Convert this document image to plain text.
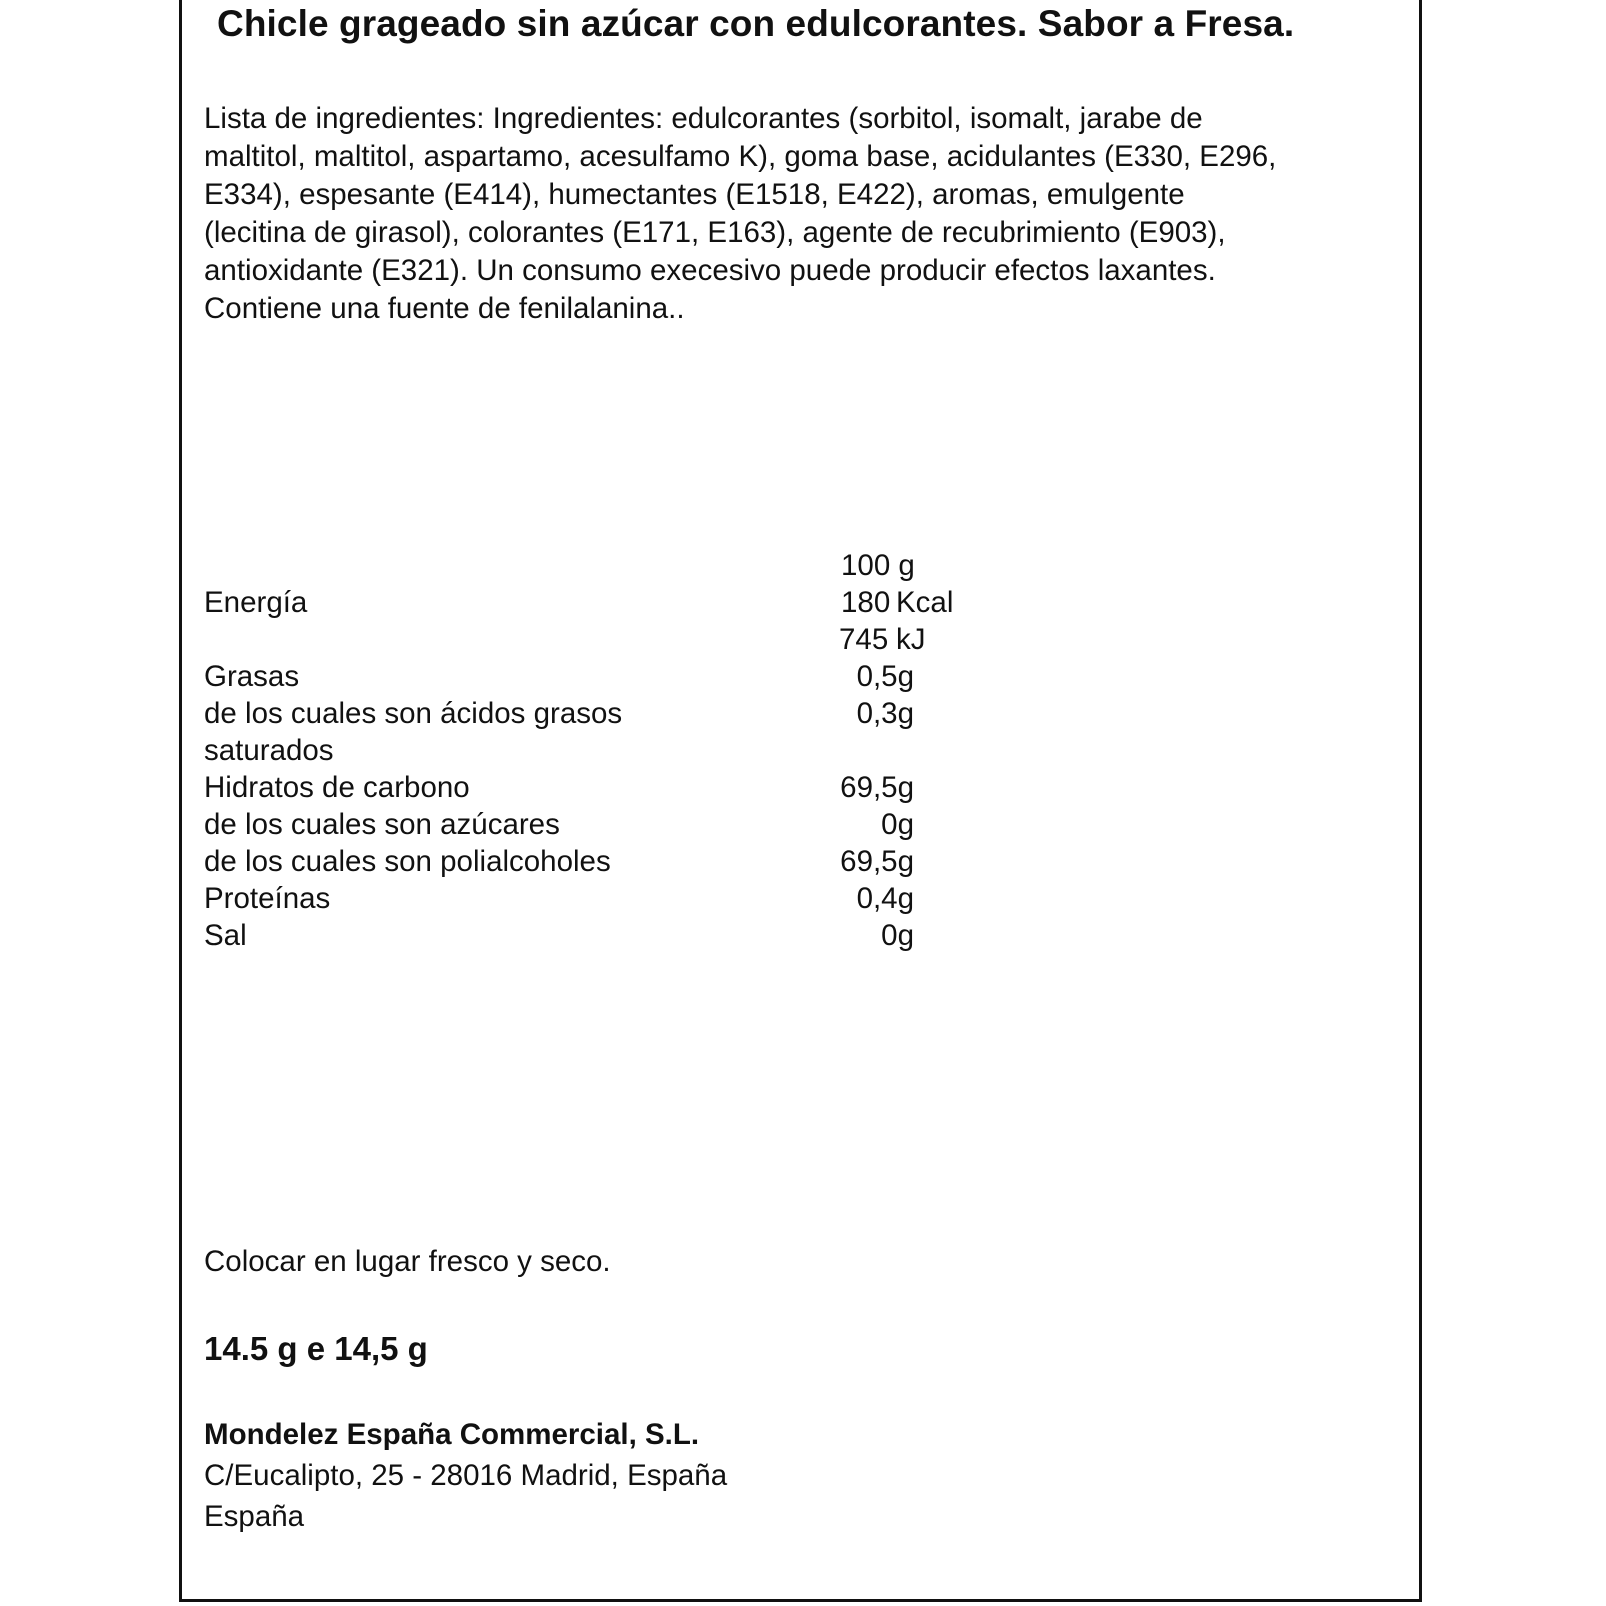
Chicle grageado sin azúcar con edulcorantes. Sabor a Fresa.
Lista de ingredientes: Ingredientes: edulcorantes (sorbitol, isomalt, jarabe de
maltitol, maltitol, aspartamo, acesulfamo K), goma base, acidulantes (E330, E296,
E334), espesante (E414), humectantes (E1518, E422), aromas, emulgente
(lecitina de girasol), colorantes (E171, E163), agente de recubrimiento (E903),
antioxidante (E321). Un consumo execesivo puede producir efectos laxantes.
Contiene una fuente de fenilalanina..
100 g
Energía	180 Kcal
745 kJ
Grasas	0,5g
de los cuales son ácidos grasos	0,3g
saturados
Hidratos de carbono	69,5g
de los cuales son azúcares	0g
de los cuales son polialcoholes	69,5g
Proteínas	0,4g
Sal	0g
Colocar en lugar fresco y seco.
14.5 g e 14,5 g
Mondelez España Commercial, S.L.
C/Eucalipto, 25 - 28016 Madrid, España
España
